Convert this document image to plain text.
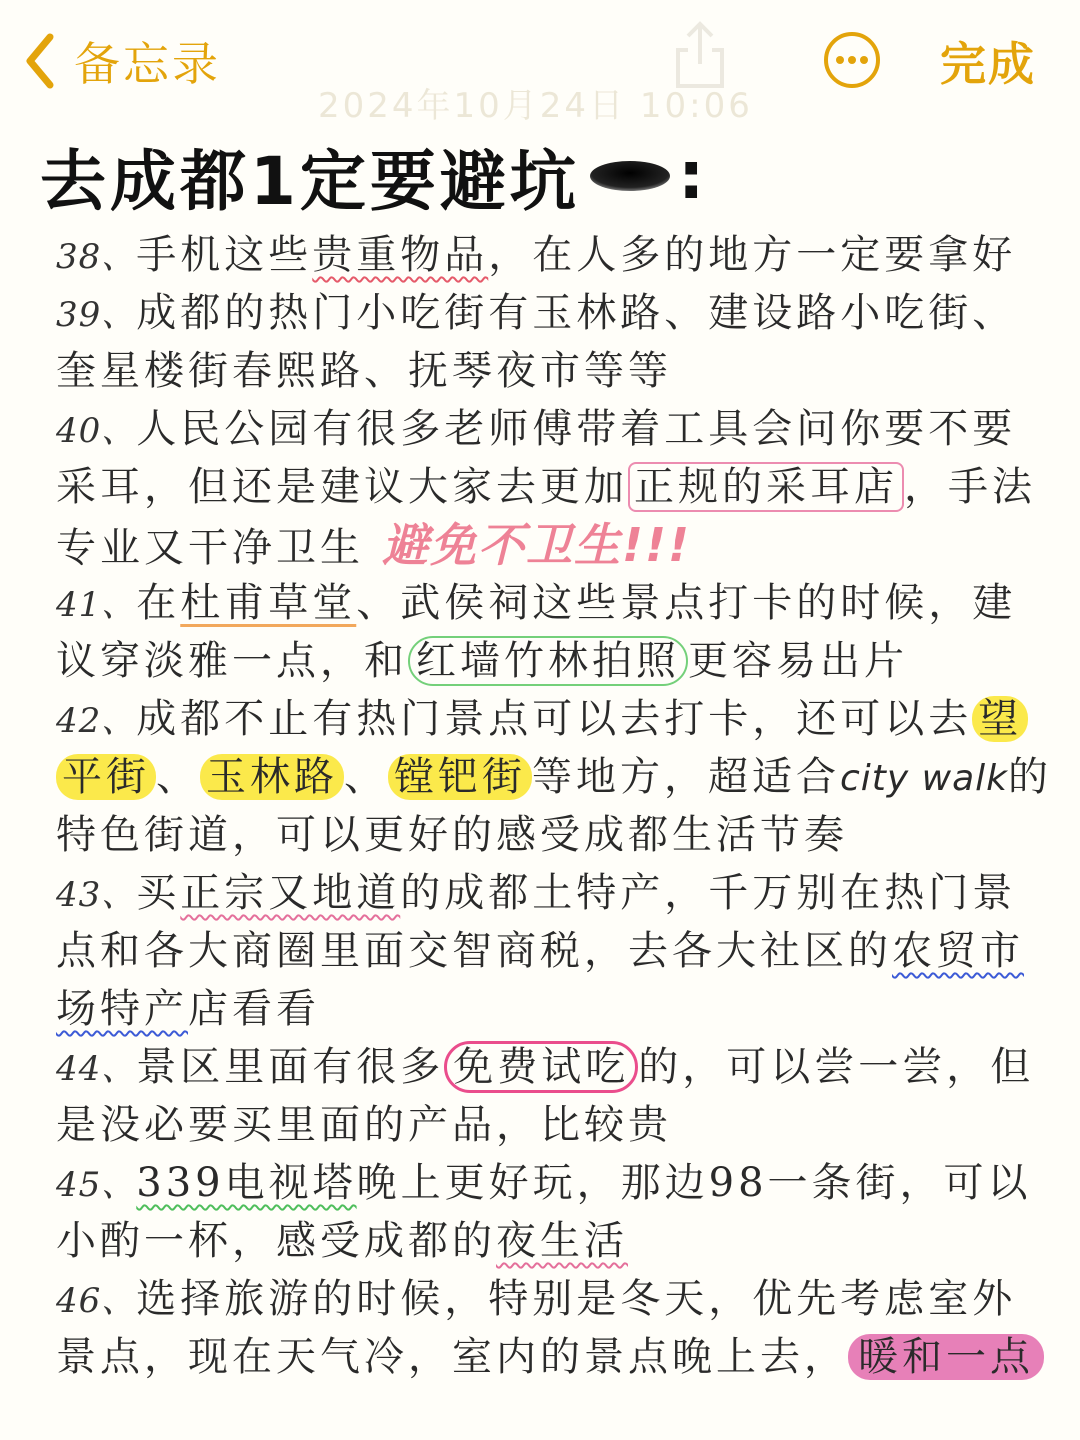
备忘录	完成
2024年10月24日 10:06
去成都1定要避坑 :
38、手机这些贵重物品，在人多的地方一定要拿好
39、成都的热门小吃街有玉林路、建设路小吃街、
奎星楼街春熙路、抚琴夜市等等
40、人民公园有很多老师傅带着工具会问你要不要
采耳，但还是建议大家去更加 正规的采耳店 ，手法
专业又干净卫生 避免不卫生!!!
41、在杜甫草堂、武侯祠这些景点打卡的时候，建
议穿淡雅一点，和 红墙竹林拍照 更容易出片
42、成都不止有热门景点可以去打卡，还可以去 望
平街 、 玉林路 、 镗钯街 等地方，超适合city walk的
特色街道，可以更好的感受成都生活节奏
43、买正宗又地道的成都土特产，千万别在热门景
点和各大商圈里面交智商税，去各大社区的农贸市
场特产店看看
44、景区里面有很多 免费试吃 的，可以尝一尝，但
是没必要买里面的产品，比较贵
45、339电视塔晚上更好玩，那边98一条街，可以
小酌一杯，感受成都的夜生活
46、选择旅游的时候，特别是冬天，优先考虑室外
景点，现在天气冷，室内的景点晚上去， 暖和一点
